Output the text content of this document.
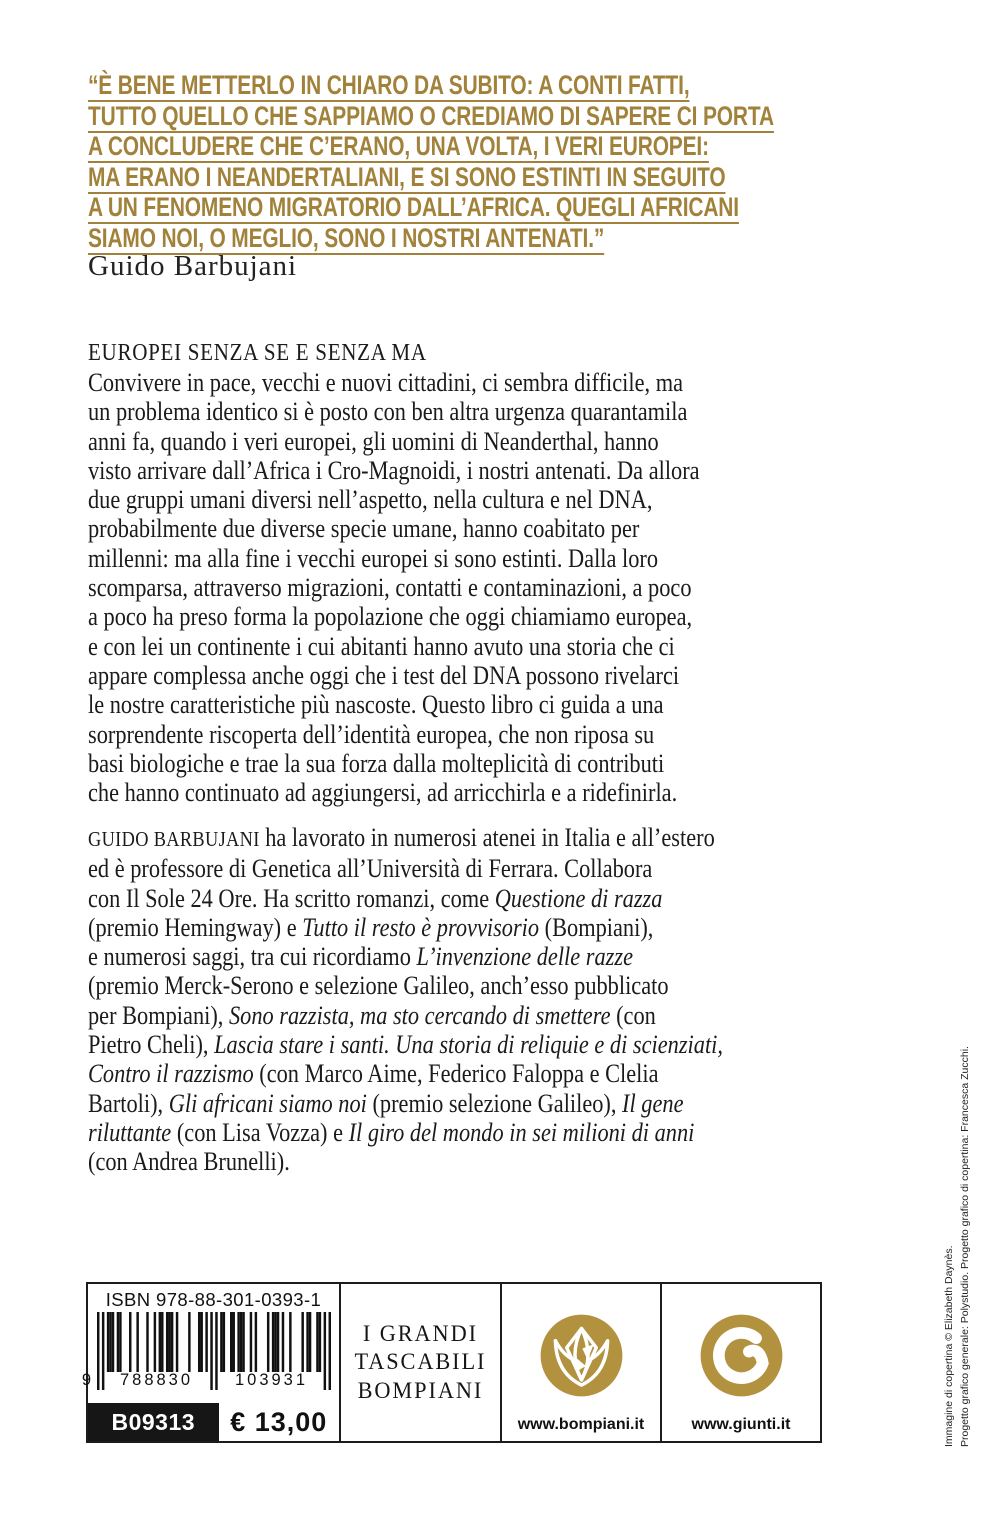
“È BENE METTERLO IN CHIARO DA SUBITO: A CONTI FATTI,
TUTTO QUELLO CHE SAPPIAMO O CREDIAMO DI SAPERE CI PORTA
A CONCLUDERE CHE C’ERANO, UNA VOLTA, I VERI EUROPEI:
MA ERANO I NEANDERTALIANI, E SI SONO ESTINTI IN SEGUITO
A UN FENOMENO MIGRATORIO DALL’AFRICA. QUEGLI AFRICANI
SIAMO NOI, O MEGLIO, SONO I NOSTRI ANTENATI.”
Guido Barbujani
EUROPEI SENZA SE E SENZA MA
Convivere in pace, vecchi e nuovi cittadini, ci sembra difficile, ma
un problema identico si è posto con ben altra urgenza quarantamila
anni fa, quando i veri europei, gli uomini di Neanderthal, hanno
visto arrivare dall’Africa i Cro-Magnoidi, i nostri antenati. Da allora
due gruppi umani diversi nell’aspetto, nella cultura e nel DNA,
probabilmente due diverse specie umane, hanno coabitato per
millenni: ma alla fine i vecchi europei si sono estinti. Dalla loro
scomparsa, attraverso migrazioni, contatti e contaminazioni, a poco
a poco ha preso forma la popolazione che oggi chiamiamo europea,
e con lei un continente i cui abitanti hanno avuto una storia che ci
appare complessa anche oggi che i test del DNA possono rivelarci
le nostre caratteristiche più nascoste. Questo libro ci guida a una
sorprendente riscoperta dell’identità europea, che non riposa su
basi biologiche e trae la sua forza dalla molteplicità di contributi
che hanno continuato ad aggiungersi, ad arricchirla e a ridefinirla.
GUIDO BARBUJANI ha lavorato in numerosi atenei in Italia e all’estero
ed è professore di Genetica all’Università di Ferrara. Collabora
con Il Sole 24 Ore. Ha scritto romanzi, come Questione di razza
(premio Hemingway) e Tutto il resto è provvisorio (Bompiani),
e numerosi saggi, tra cui ricordiamo L’invenzione delle razze
(premio Merck-Serono e selezione Galileo, anch’esso pubblicato
per Bompiani), Sono razzista, ma sto cercando di smettere (con
Pietro Cheli), Lascia stare i santi. Una storia di reliquie e di scienziati,
Contro il razzismo (con Marco Aime, Federico Faloppa e Clelia
Bartoli), Gli africani siamo noi (premio selezione Galileo), Il gene
riluttante (con Lisa Vozza) e Il giro del mondo in sei milioni di anni
(con Andrea Brunelli).
ISBN 978-88-301-0393-1
9	788830	103931
B09313	€ 13,00
I GRANDI
TASCABILI
BOMPIANI
www.bompiani.it	www.giunti.it	Immagine di copertina © Elizabeth Daynès. Progetto grafico generale: Polystudio. Progetto grafico di copertina: Francesca Zucchi.
